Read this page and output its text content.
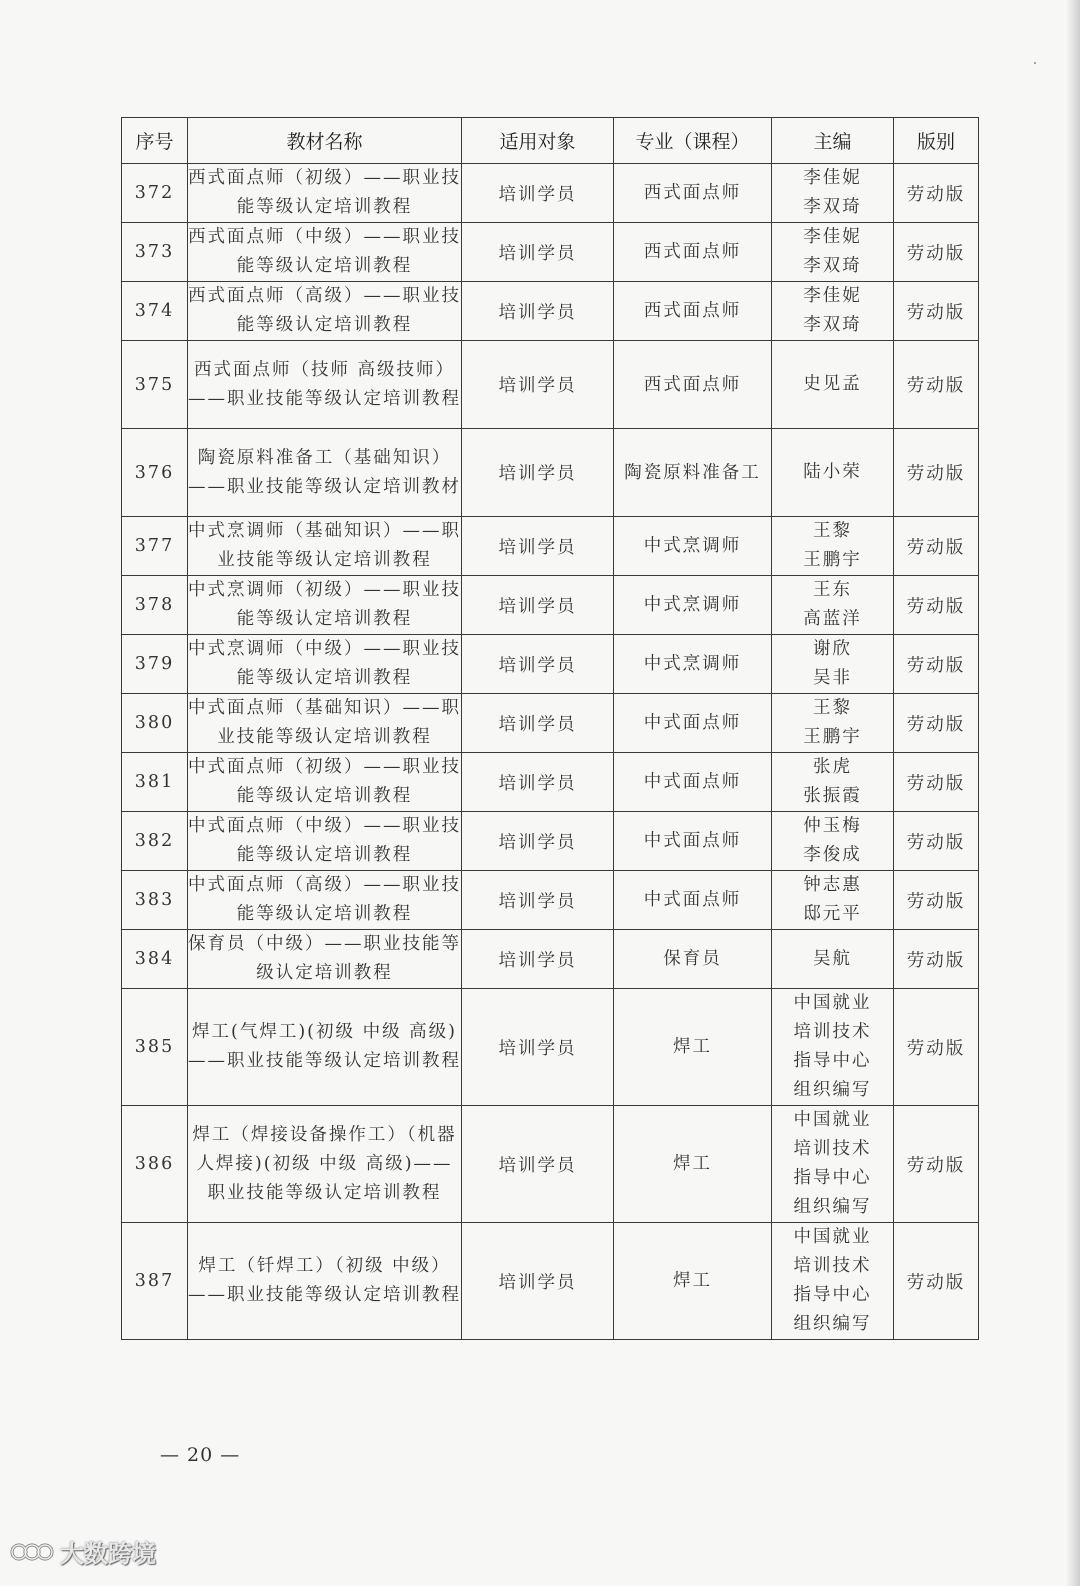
序号	教材名称	适用对象	专业（课程）	主编	版别
372	西式面点师（初级）——职业技能等级认定培训教程	培训学员	西式面点师	李佳妮
李双琦	劳动版
373	西式面点师（中级）——职业技能等级认定培训教程	培训学员	西式面点师	李佳妮
李双琦	劳动版
374	西式面点师（高级）——职业技能等级认定培训教程	培训学员	西式面点师	李佳妮
李双琦	劳动版
375	西式面点师（技师 高级技师）——职业技能等级认定培训教程	培训学员	西式面点师	史见孟	劳动版
376	陶瓷原料准备工（基础知识）——职业技能等级认定培训教材	培训学员	陶瓷原料准备工	陆小荣	劳动版
377	中式烹调师（基础知识）——职业技能等级认定培训教程	培训学员	中式烹调师	王黎
王鹏宇	劳动版
378	中式烹调师（初级）——职业技能等级认定培训教程	培训学员	中式烹调师	王东
高蓝洋	劳动版
379	中式烹调师（中级）——职业技能等级认定培训教程	培训学员	中式烹调师	谢欣
吴非	劳动版
380	中式面点师（基础知识）——职业技能等级认定培训教程	培训学员	中式面点师	王黎
王鹏宇	劳动版
381	中式面点师（初级）——职业技能等级认定培训教程	培训学员	中式面点师	张虎
张振霞	劳动版
382	中式面点师（中级）——职业技能等级认定培训教程	培训学员	中式面点师	仲玉梅
李俊成	劳动版
383	中式面点师（高级）——职业技能等级认定培训教程	培训学员	中式面点师	钟志惠
邸元平	劳动版
384	保育员（中级）——职业技能等级认定培训教程	培训学员	保育员	吴航	劳动版
385	焊工(气焊工)(初级 中级 高级)——职业技能等级认定培训教程	培训学员	焊工	中国就业
培训技术
指导中心
组织编写	劳动版
386	焊工（焊接设备操作工）（机器人焊接)(初级 中级 高级)——职业技能等级认定培训教程	培训学员	焊工	中国就业
培训技术
指导中心
组织编写	劳动版
387	焊工（钎焊工）（初级 中级）——职业技能等级认定培训教程	培训学员	焊工	中国就业
培训技术
指导中心
组织编写	劳动版
— 20 —
大数跨境
